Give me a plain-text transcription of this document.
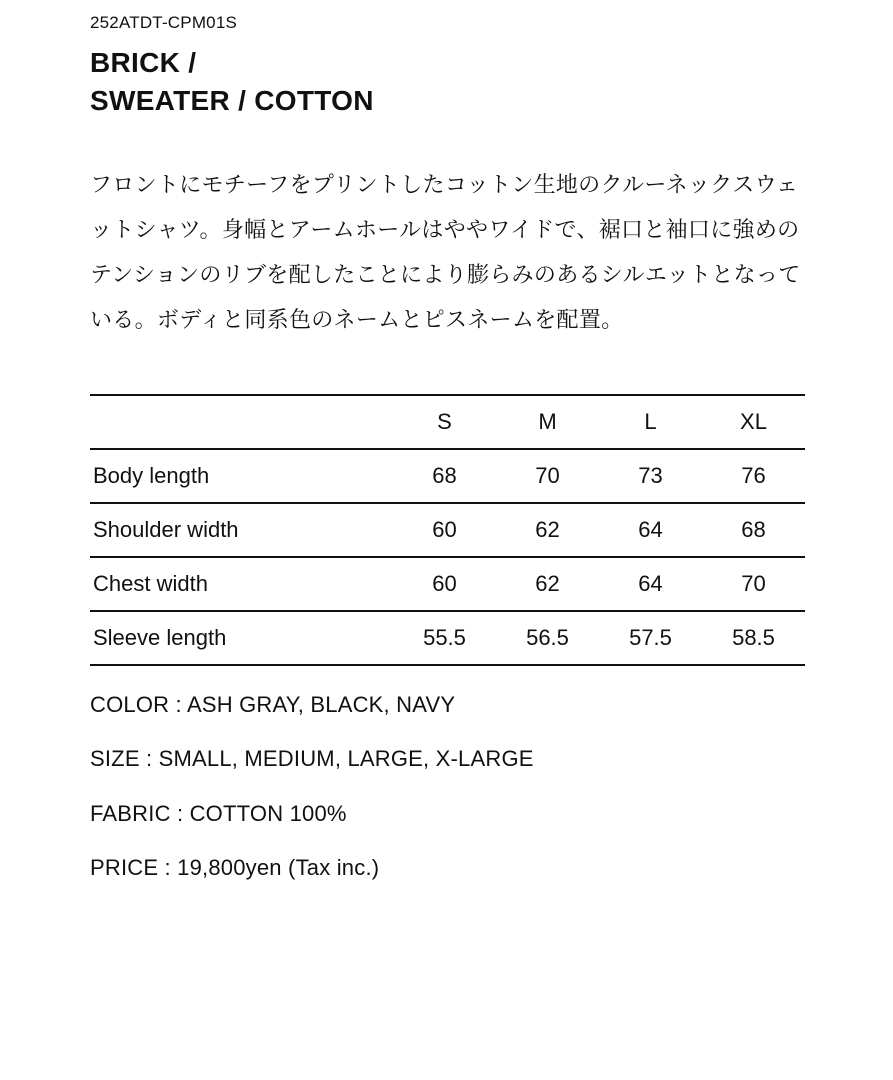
252ATDT-CPM01S

BRICK /
SWEATER / COTTON

フロントにモチーフをプリントしたコットン生地のクルーネックスウェットシャツ。身幅とアームホールはややワイドで、裾口と袖口に強めのテンションのリブを配したことにより膨らみのあるシルエットとなっている。ボディと同系色のネームとピスネームを配置。

	S	M	L	XL
Body length	68	70	73	76
Shoulder width	60	62	64	68
Chest width	60	62	64	70
Sleeve length	55.5	56.5	57.5	58.5

COLOR : ASH GRAY, BLACK, NAVY

SIZE : SMALL, MEDIUM, LARGE, X-LARGE

FABRIC : COTTON 100%

PRICE : 19,800yen (Tax inc.)
